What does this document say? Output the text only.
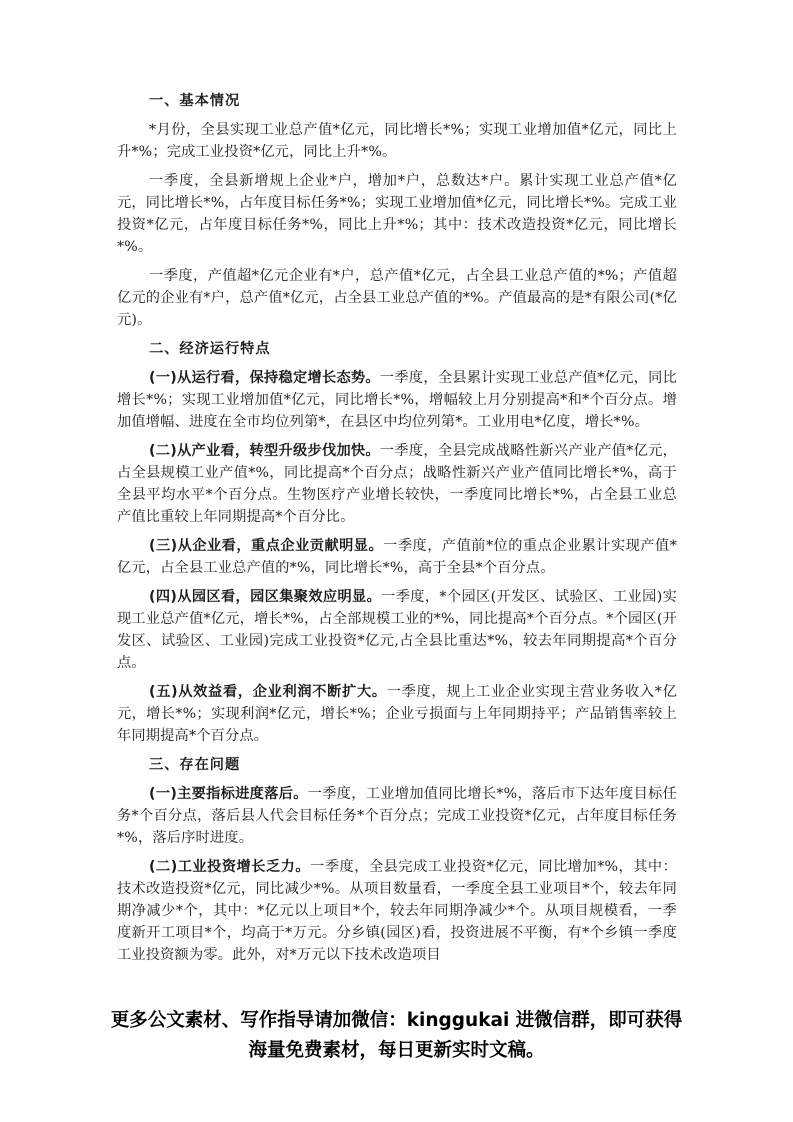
一、基本情况

*月份，全县实现工业总产值*亿元，同比增长*%；实现工业增加值*亿元，同比上升*%；完成工业投资*亿元，同比上升*%。

一季度，全县新增规上企业*户，增加*户，总数达*户。累计实现工业总产值*亿元，同比增长*%，占年度目标任务*%；实现工业增加值*亿元，同比增长*%。完成工业投资*亿元，占年度目标任务*%，同比上升*%；其中：技术改造投资*亿元，同比增长*%。

一季度，产值超*亿元企业有*户，总产值*亿元，占全县工业总产值的*%；产值超亿元的企业有*户，总产值*亿元，占全县工业总产值的*%。产值最高的是*有限公司(*亿元)。

二、经济运行特点

(一)从运行看，保持稳定增长态势。一季度，全县累计实现工业总产值*亿元，同比增长*%；实现工业增加值*亿元，同比增长*%，增幅较上月分别提高*和*个百分点。增加值增幅、进度在全市均位列第*，在县区中均位列第*。工业用电*亿度，增长*%。

(二)从产业看，转型升级步伐加快。一季度，全县完成战略性新兴产业产值*亿元，占全县规模工业产值*%，同比提高*个百分点；战略性新兴产业产值同比增长*%，高于全县平均水平*个百分点。生物医疗产业增长较快，一季度同比增长*%，占全县工业总产值比重较上年同期提高*个百分比。

(三)从企业看，重点企业贡献明显。一季度，产值前*位的重点企业累计实现产值*亿元，占全县工业总产值的*%，同比增长*%，高于全县*个百分点。

(四)从园区看，园区集聚效应明显。一季度，*个园区(开发区、试验区、工业园)实现工业总产值*亿元，增长*%，占全部规模工业的*%，同比提高*个百分点。*个园区(开发区、试验区、工业园)完成工业投资*亿元,占全县比重达*%，较去年同期提高*个百分点。

(五)从效益看，企业利润不断扩大。一季度，规上工业企业实现主营业务收入*亿元，增长*%；实现利润*亿元，增长*%；企业亏损面与上年同期持平；产品销售率较上年同期提高*个百分点。

三、存在问题

(一)主要指标进度落后。一季度，工业增加值同比增长*%，落后市下达年度目标任务*个百分点，落后县人代会目标任务*个百分点；完成工业投资*亿元，占年度目标任务*%，落后序时进度。

(二)工业投资增长乏力。一季度，全县完成工业投资*亿元，同比增加*%，其中：技术改造投资*亿元，同比减少*%。从项目数量看，一季度全县工业项目*个，较去年同期净减少*个，其中：*亿元以上项目*个，较去年同期净减少*个。从项目规模看，一季度新开工项目*个，均高于*万元。分乡镇(园区)看，投资进展不平衡，有*个乡镇一季度工业投资额为零。此外，对*万元以下技术改造项目

更多公文素材、写作指导请加微信：kinggukai 进微信群，即可获得
海量免费素材，每日更新实时文稿。
